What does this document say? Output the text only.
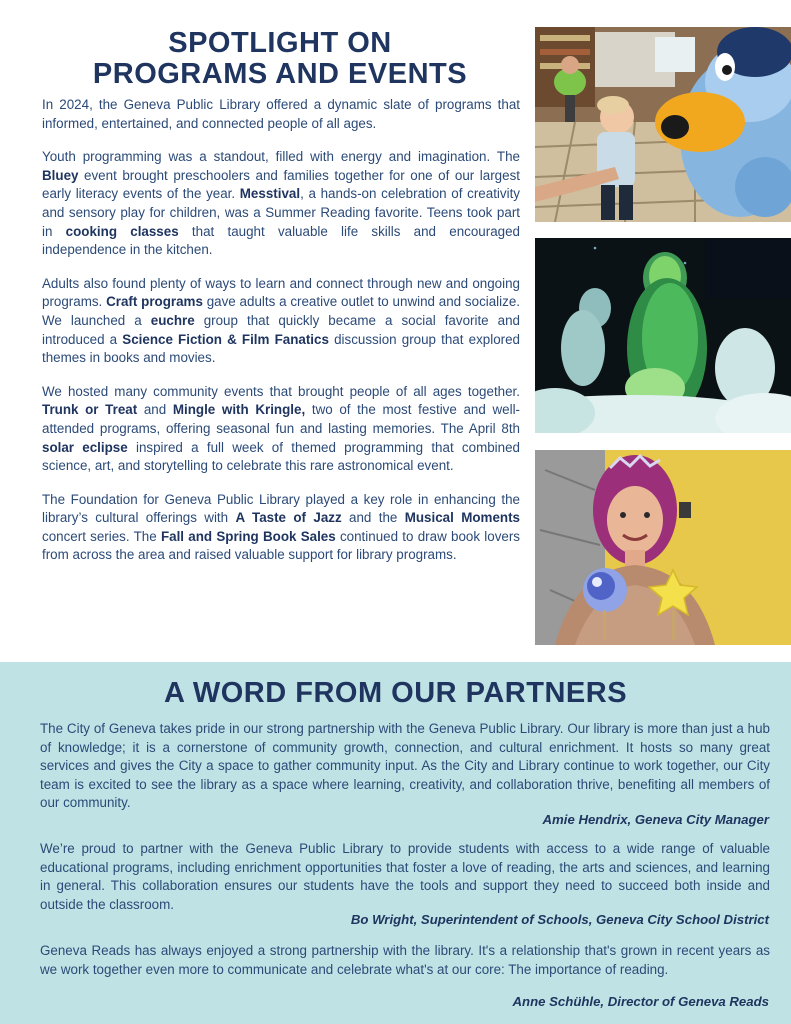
SPOTLIGHT ON
PROGRAMS AND EVENTS

In 2024, the Geneva Public Library offered a dynamic slate of programs that informed, entertained, and connected people of all ages.

Youth programming was a standout, filled with energy and imagination. The Bluey event brought preschoolers and families together for one of our largest early literacy events of the year. Messtival, a hands-on celebration of creativity and sensory play for children, was a Summer Reading favorite. Teens took part in cooking classes that taught valuable life skills and encouraged independence in the kitchen.

Adults also found plenty of ways to learn and connect through new and ongoing programs. Craft programs gave adults a creative outlet to unwind and socialize. We launched a euchre group that quickly became a social favorite and introduced a Science Fiction & Film Fanatics discussion group that explored themes in books and movies.

We hosted many community events that brought people of all ages together. Trunk or Treat and Mingle with Kringle, two of the most festive and well-attended programs, offering seasonal fun and lasting memories. The April 8th solar eclipse inspired a full week of themed programming that combined science, art, and storytelling to celebrate this rare astronomical event.

The Foundation for Geneva Public Library played a key role in enhancing the library’s cultural offerings with A Taste of Jazz and the Musical Moments concert series. The Fall and Spring Book Sales continued to draw book lovers from across the area and raised valuable support for library programs.

A WORD FROM OUR PARTNERS
The City of Geneva takes pride in our strong partnership with the Geneva Public Library. Our library is more than just a hub of knowledge; it is a cornerstone of community growth, connection, and cultural enrichment. It hosts so many great services and gives the City a space to gather community input. As the City and Library continue to work together, our City team is excited to see the library as a space where learning, creativity, and collaboration thrive, benefiting all members of our community.
Amie Hendrix, Geneva City Manager
We’re proud to partner with the Geneva Public Library to provide students with access to a wide range of valuable educational programs, including enrichment opportunities that foster a love of reading, the arts and sciences, and learning in general. This collaboration ensures our students have the tools and support they need to succeed both inside and outside the classroom.
Bo Wright, Superintendent of Schools, Geneva City School District
Geneva Reads has always enjoyed a strong partnership with the library. It's a relationship that's grown in recent years as we work together even more to communicate and celebrate what's at our core: The importance of reading.
Anne Schühle, Director of Geneva Reads
